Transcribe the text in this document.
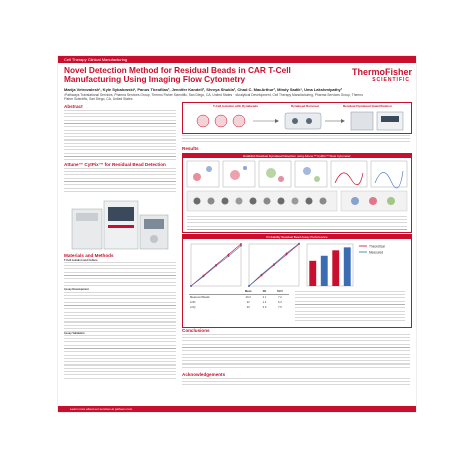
Cell Therapy Clinical Manufacturing
Novel Detection Method for Residual Beads in CAR T-Cell Manufacturing Using Imaging Flow Cytometry
ThermoFisher
SCIENTIFIC
Marija Vetrovalesh¹, Kyle Sybalcwski¹, Panos Theofilas², Jennifer Kandell², Shreya Shukla², Chad C. MacArthur², Mindy Sadik¹, Uma Lakshmipathy²
¹Pathways Translational Services, Pharma Services Group, Thermo Fisher Scientific, San Diego, CA, United States · ²Analytical Development, Cell Therapy Manufacturing, Pharma Services Group, Thermo Fisher Scientific, San Diego, CA, United States
Abstract
Attune™ CytPix™ for Residual Bead Detection
Materials and Methods
T-Cell Isolation and Culture
Assay Development
Assay Validation
T-Cell Isolation with Dynabeads	Dynabead Removal	Residual Dynabead Quantification
Results
Establish Residual Dynabead Detection using Attune™ CytPix™ Flow Cytometer
Probability Residual Bead Assay Performance
Theoretical
Measured
	Mean	SD	%CV
Measured Beads	29.3	2.1	7.2
LOD	22	1.4	6.3
LOQ	40	3.0	7.5
Conclusions
Acknowledgements
Learn more about our services at patheon.com
